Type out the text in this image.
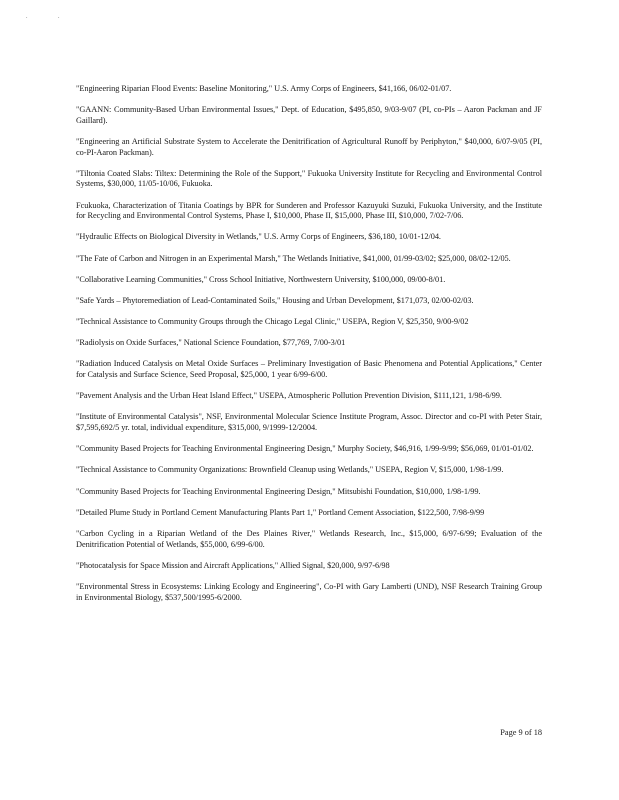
.	.

"Engineering Riparian Flood Events: Baseline Monitoring," U.S. Army Corps of Engineers, $41,166, 06/02-01/07.

"GAANN: Community-Based Urban Environmental Issues," Dept. of Education, $495,850, 9/03-9/07 (PI, co-PIs – Aaron Packman and JF Gaillard).

"Engineering an Artificial Substrate System to Accelerate the Denitrification of Agricultural Runoff by Periphyton," $40,000, 6/07-9/05 (PI, co-PI-Aaron Packman).

"Tiltonia Coated Slabs: Tiltex: Determining the Role of the Support," Fukuoka University Institute for Recycling and Environmental Control Systems, $30,000, 11/05-10/06, Fukuoka.

Fcukuoka, Characterization of Titania Coatings by BPR for Sunderen and Professor Kazuyuki Suzuki, Fukuoka University, and the Institute for Recycling and Environmental Control Systems, Phase I, $10,000, Phase II, $15,000, Phase III, $10,000, 7/02-7/06.

"Hydraulic Effects on Biological Diversity in Wetlands," U.S. Army Corps of Engineers, $36,180, 10/01-12/04.

"The Fate of Carbon and Nitrogen in an Experimental Marsh," The Wetlands Initiative, $41,000, 01/99-03/02; $25,000, 08/02-12/05.

"Collaborative Learning Communities," Cross School Initiative, Northwestern University, $100,000, 09/00-8/01.

"Safe Yards – Phytoremediation of Lead-Contaminated Soils," Housing and Urban Development, $171,073, 02/00-02/03.

"Technical Assistance to Community Groups through the Chicago Legal Clinic," USEPA, Region V, $25,350, 9/00-9/02

"Radiolysis on Oxide Surfaces," National Science Foundation, $77,769, 7/00-3/01

"Radiation Induced Catalysis on Metal Oxide Surfaces – Preliminary Investigation of Basic Phenomena and Potential Applications," Center for Catalysis and Surface Science, Seed Proposal, $25,000, 1 year 6/99-6/00.

"Pavement Analysis and the Urban Heat Island Effect," USEPA, Atmospheric Pollution Prevention Division, $111,121, 1/98-6/99.

"Institute of Environmental Catalysis", NSF, Environmental Molecular Science Institute Program, Assoc. Director and co-PI with Peter Stair, $7,595,692/5 yr. total, individual expenditure, $315,000, 9/1999-12/2004.

"Community Based Projects for Teaching Environmental Engineering Design," Murphy Society, $46,916, 1/99-9/99; $56,069, 01/01-01/02.

"Technical Assistance to Community Organizations: Brownfield Cleanup using Wetlands," USEPA, Region V, $15,000, 1/98-1/99.

"Community Based Projects for Teaching Environmental Engineering Design," Mitsubishi Foundation, $10,000, 1/98-1/99.

"Detailed Plume Study in Portland Cement Manufacturing Plants Part 1," Portland Cement Association, $122,500, 7/98-9/99

"Carbon Cycling in a Riparian Wetland of the Des Plaines River," Wetlands Research, Inc., $15,000, 6/97-6/99; Evaluation of the Denitrification Potential of Wetlands, $55,000, 6/99-6/00.

"Photocatalysis for Space Mission and Aircraft Applications," Allied Signal, $20,000, 9/97-6/98

"Environmental Stress in Ecosystems: Linking Ecology and Engineering", Co-PI with Gary Lamberti (UND), NSF Research Training Group in Environmental Biology, $537,500/1995-6/2000.

Page 9 of 18
